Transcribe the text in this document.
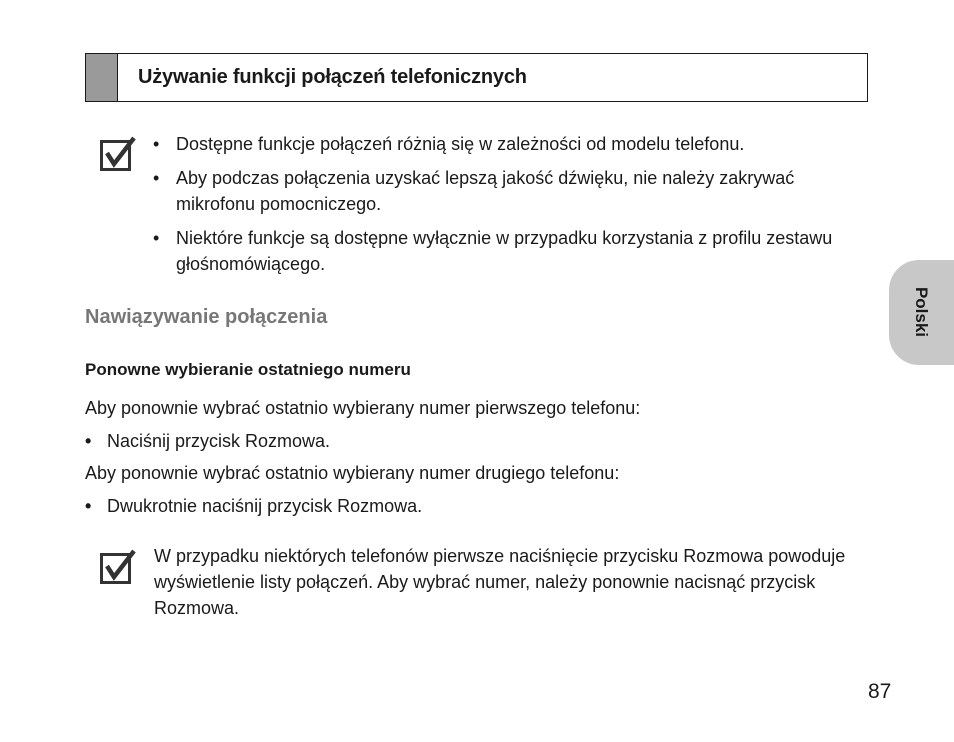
Używanie funkcji połączeń telefonicznych
• Dostępne funkcje połączeń różnią się w zależności od modelu telefonu.
• Aby podczas połączenia uzyskać lepszą jakość dźwięku, nie należy zakrywać mikrofonu pomocniczego.
• Niektóre funkcje są dostępne wyłącznie w przypadku korzystania z profilu zestawu głośnomówiącego.
Nawiązywanie połączenia
Ponowne wybieranie ostatniego numeru
Aby ponownie wybrać ostatnio wybierany numer pierwszego telefonu:
• Naciśnij przycisk Rozmowa.
Aby ponownie wybrać ostatnio wybierany numer drugiego telefonu:
• Dwukrotnie naciśnij przycisk Rozmowa.
W przypadku niektórych telefonów pierwsze naciśnięcie przycisku Rozmowa powoduje wyświetlenie listy połączeń. Aby wybrać numer, należy ponownie nacisnąć przycisk Rozmowa.
Polski
87
